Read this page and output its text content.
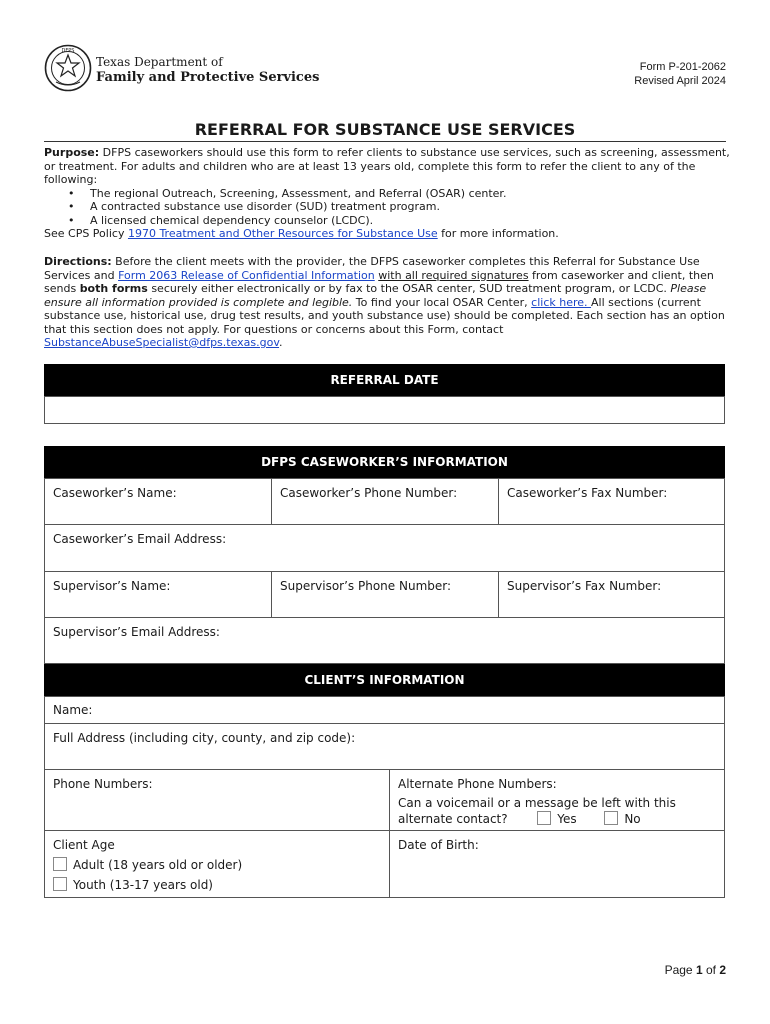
DFPS
Texas Department of
Family and Protective Services
Form P-201-2062
Revised April 2024
REFERRAL FOR SUBSTANCE USE SERVICES

Purpose: DFPS caseworkers should use this form to refer clients to substance use services, such as screening, assessment, or treatment. For adults and children who are at least 13 years old, complete this form to refer the client to any of the following:

• The regional Outreach, Screening, Assessment, and Referral (OSAR) center.
• A contracted substance use disorder (SUD) treatment program.
• A licensed chemical dependency counselor (LCDC).

See CPS Policy 1970 Treatment and Other Resources for Substance Use for more information.

Directions: Before the client meets with the provider, the DFPS caseworker completes this Referral for Substance Use Services and Form 2063 Release of Confidential Information with all required signatures from caseworker and client, then sends both forms securely either electronically or by fax to the OSAR center, SUD treatment program, or LCDC. Please ensure all information provided is complete and legible. To find your local OSAR Center, click here. All sections (current substance use, historical use, drug test results, and youth substance use) should be completed. Each section has an option that this section does not apply. For questions or concerns about this Form, contact SubstanceAbuseSpecialist@dfps.texas.gov.

REFERRAL DATE
DFPS CASEWORKER’S INFORMATION
Caseworker’s Name:	Caseworker’s Phone Number:	Caseworker’s Fax Number:
Caseworker’s Email Address:
Supervisor’s Name:	Supervisor’s Phone Number:	Supervisor’s Fax Number:
Supervisor’s Email Address:
CLIENT’S INFORMATION
Name:
Full Address (including city, county, and zip code):
Phone Numbers:	Alternate Phone Numbers:
Can a voicemail or a message be left with this
alternate contact?	Yes	No
Client Age
Adult (18 years old or older)
Youth (13-17 years old)
Date of Birth:
Page 1 of 2
